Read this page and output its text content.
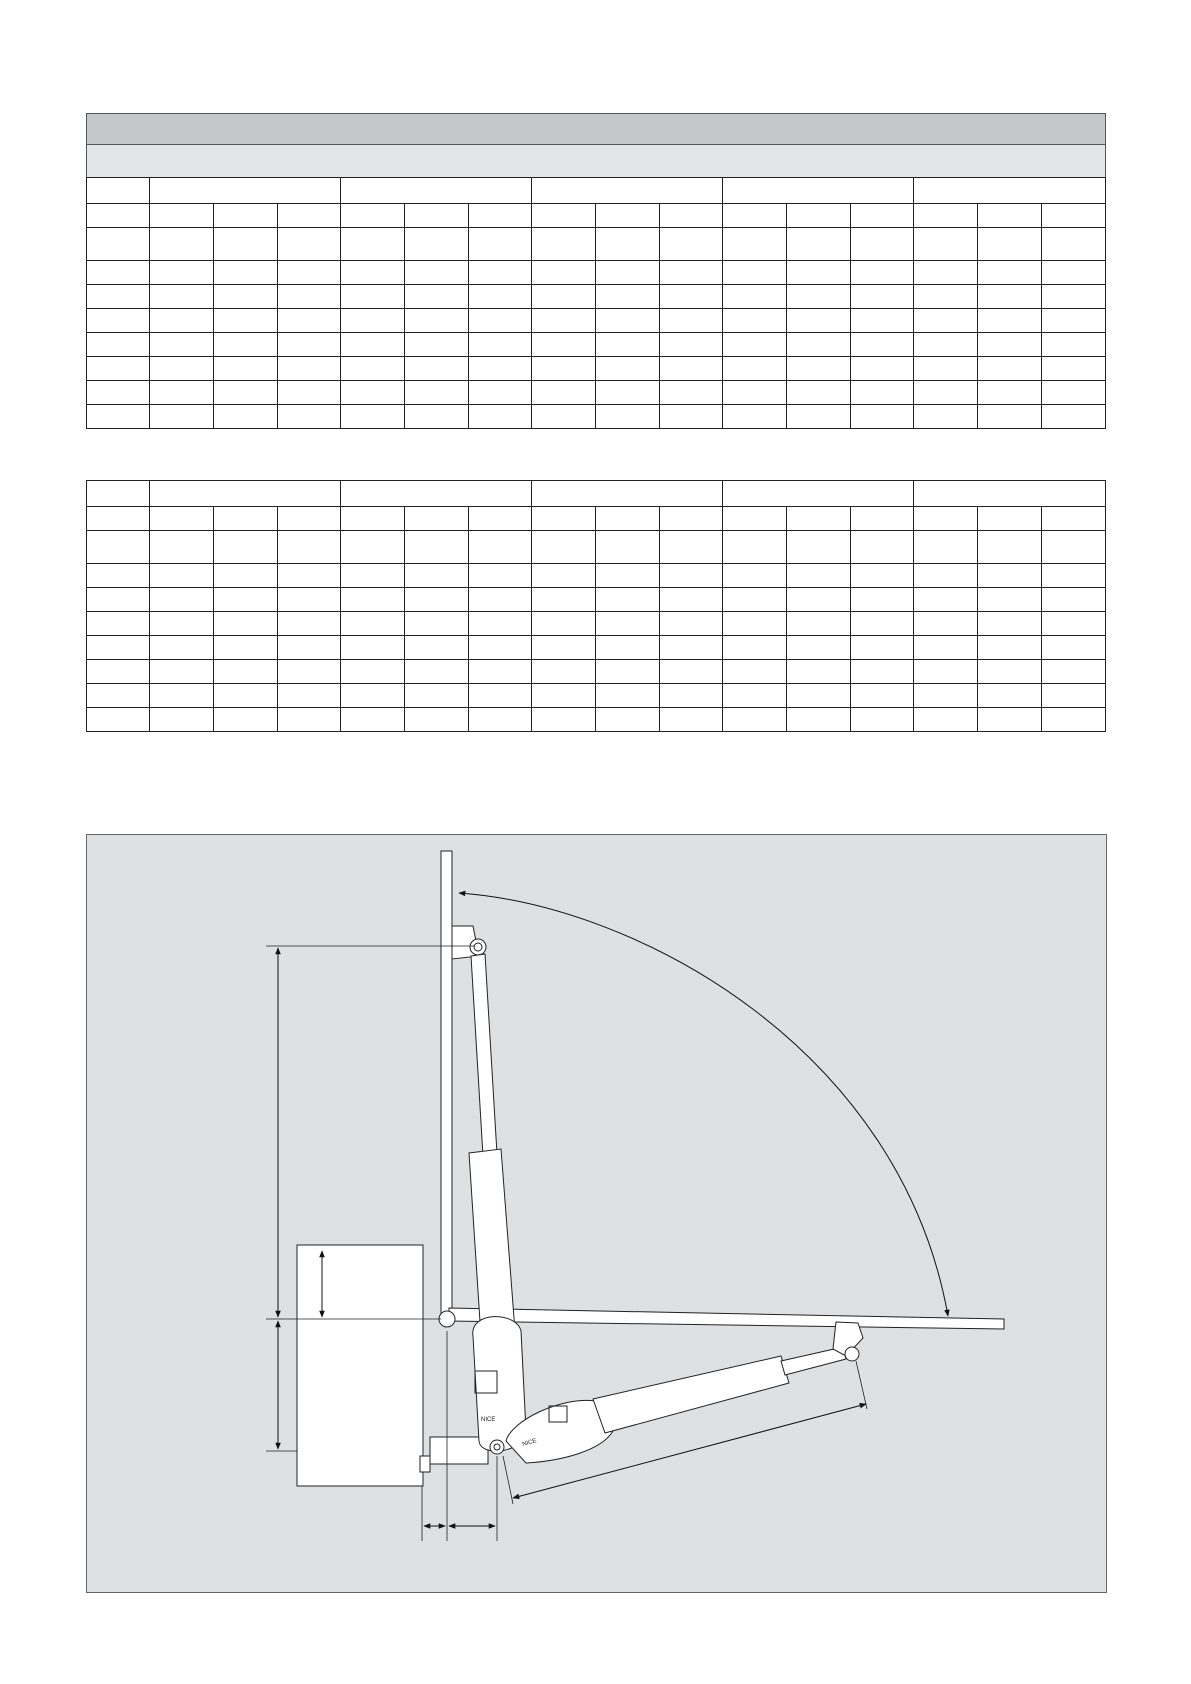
NICE
NICE
